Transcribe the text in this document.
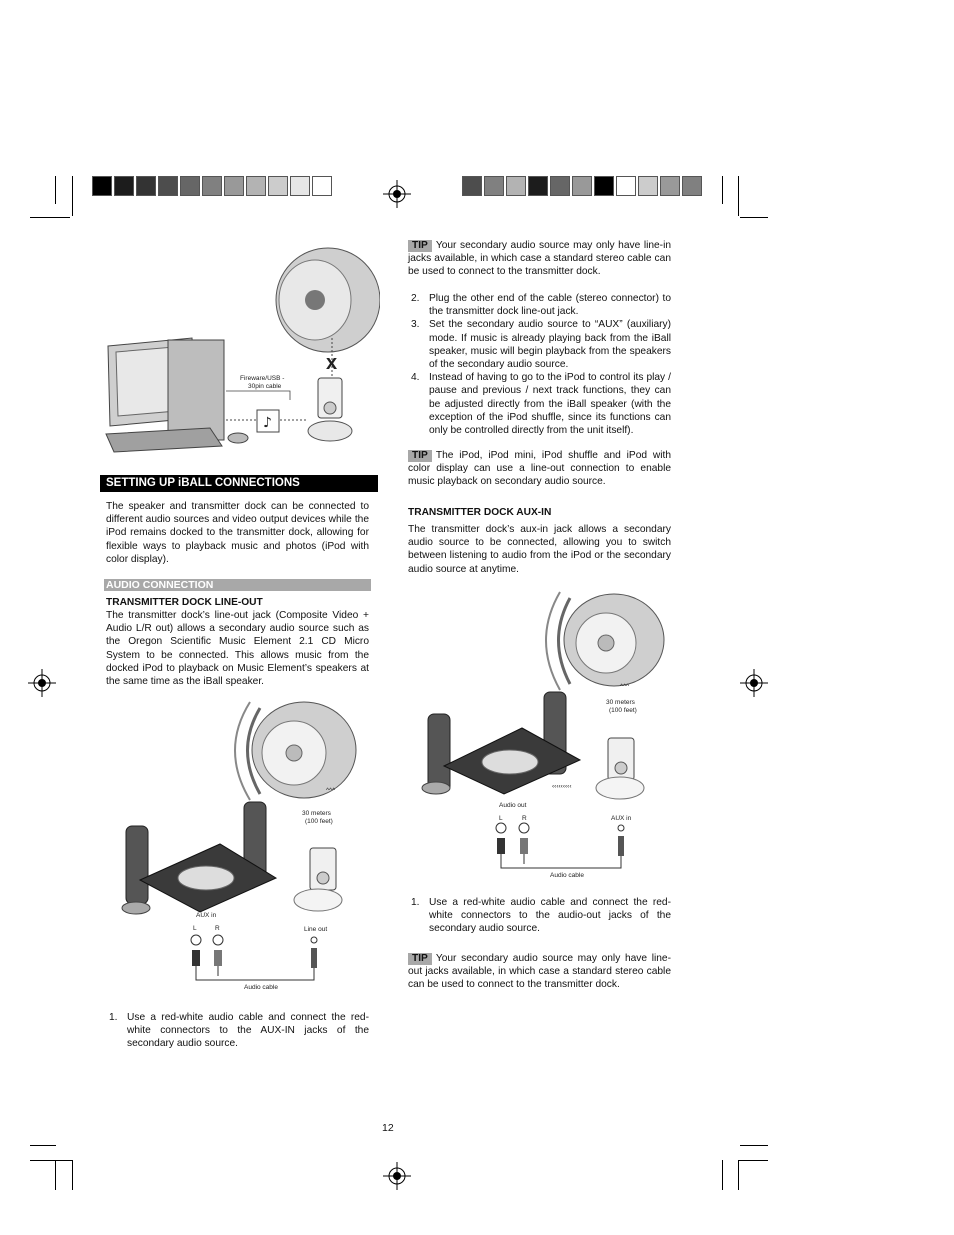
x
Fireware/USB -
30pin cable
♪
SETTING UP iBALL CONNECTIONS
The speaker and transmitter dock can be connected to different audio sources and video output devices while the iPod remains docked to the transmitter dock, allowing for flexible ways to playback music and photos (iPod with color display).
AUDIO CONNECTION
TRANSMITTER DOCK LINE-OUT
The transmitter dock’s line-out jack (Composite Video + Audio L/R out) allows a secondary audio source such as the Oregon Scientific Music Element 2.1 CD Micro System to be connected. This allows music from the docked iPod to playback on Music Element’s speakers at the same time as the iBall speaker.
^^^
30 meters
(100 feet)
AUX in
L	R	Line out
Audio cable
1. Use a red-white audio cable and connect the red-white connectors to the AUX-IN jacks of the secondary audio source.
TIP Your secondary audio source may only have line-in jacks available, in which case a standard stereo cable can be used to connect to the transmitter dock.
2. Plug the other end of the cable (stereo connector) to the transmitter dock line-out jack.
3. Set the secondary audio source to “AUX” (auxiliary) mode. If music is already playing back from the iBall speaker, music will begin playback from the speakers of the secondary audio source.
4. Instead of having to go to the iPod to control its play / pause and previous / next track functions, they can be adjusted directly from the iBall speaker (with the exception of the iPod shuffle, since its functions can only be controlled directly from the unit itself).
TIP The iPod, iPod mini, iPod shuffle and iPod with color display can use a line-out connection to enable music playback on secondary audio source.
TRANSMITTER DOCK AUX-IN
The transmitter dock’s aux-in jack allows a secondary audio source to be connected, allowing you to switch between listening to audio from the iPod or the secondary audio source at anytime.
^^^
30 meters
(100 feet)
‹‹‹‹‹‹‹‹‹
Audio out
L	R	AUX in
Audio cable
1. Use a red-white audio cable and connect the red-white connectors to the audio-out jacks of the secondary audio source.
TIP Your secondary audio source may only have line-out jacks available, in which case a standard stereo cable can be used to connect to the transmitter dock.
12
